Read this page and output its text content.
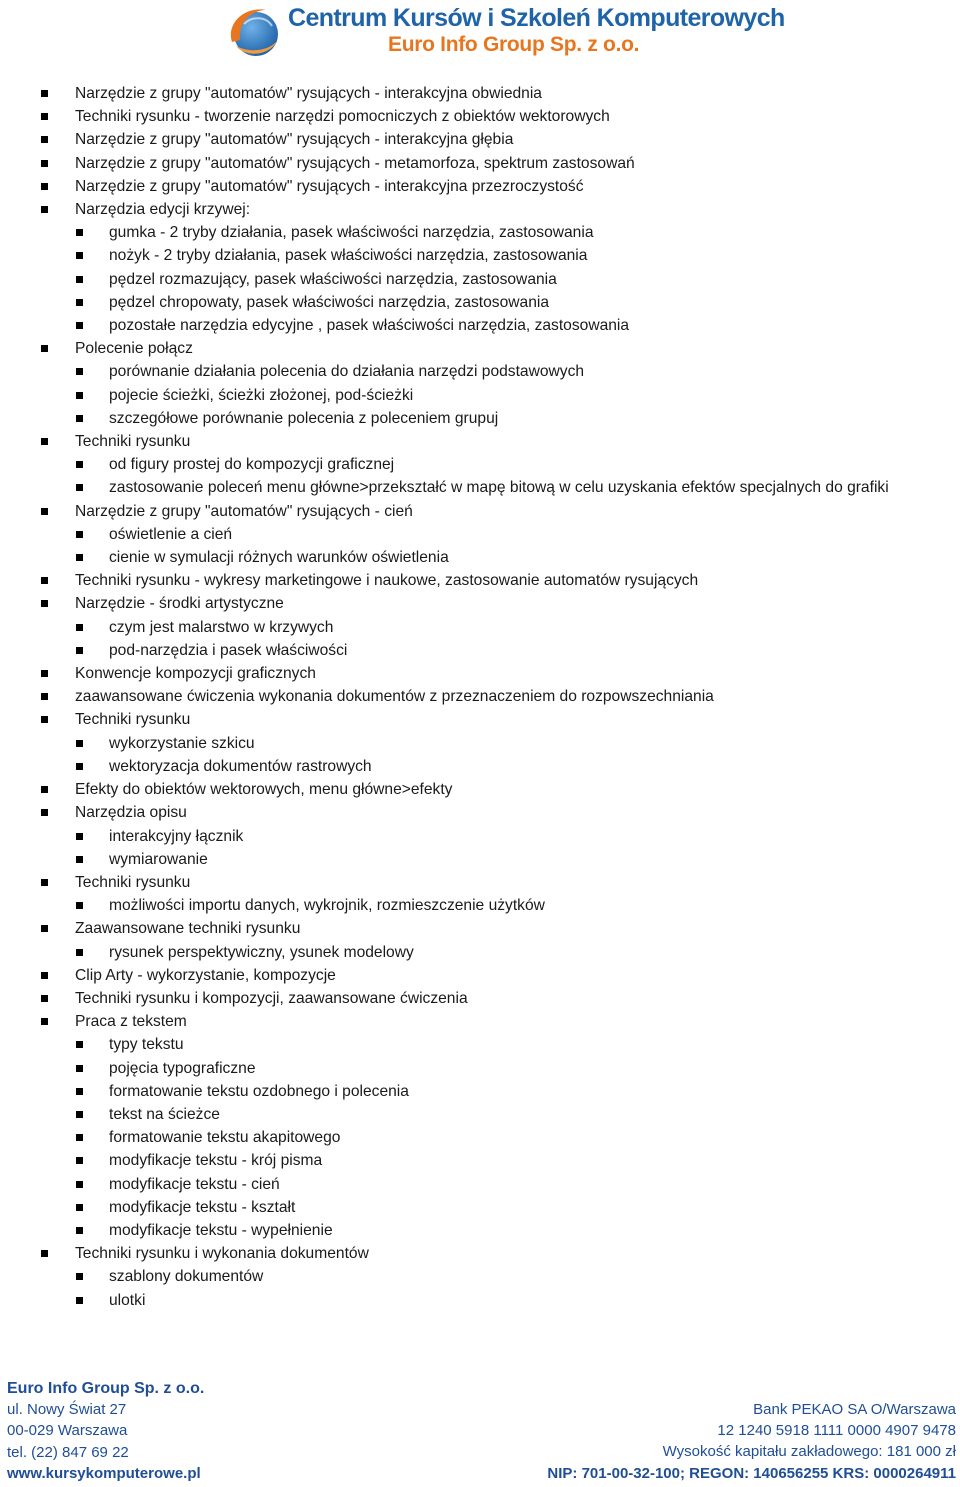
Centrum Kursów i Szkoleń Komputerowych
Euro Info Group Sp. z o.o.
Narzędzie z grupy "automatów" rysujących - interakcyjna obwiednia
Techniki rysunku - tworzenie narzędzi pomocniczych z obiektów wektorowych
Narzędzie z grupy "automatów" rysujących - interakcyjna głębia
Narzędzie z grupy "automatów" rysujących - metamorfoza, spektrum zastosowań
Narzędzie z grupy "automatów" rysujących - interakcyjna przezroczystość
Narzędzia edycji krzywej:
gumka - 2 tryby działania, pasek właściwości narzędzia, zastosowania
nożyk - 2 tryby działania, pasek właściwości narzędzia, zastosowania
pędzel rozmazujący, pasek właściwości narzędzia, zastosowania
pędzel chropowaty, pasek właściwości narzędzia, zastosowania
pozostałe narzędzia edycyjne , pasek właściwości narzędzia, zastosowania
Polecenie połącz
porównanie działania polecenia do działania narzędzi podstawowych
pojecie ścieżki, ścieżki złożonej, pod-ścieżki
szczegółowe porównanie polecenia z poleceniem grupuj
Techniki rysunku
od figury prostej do kompozycji graficznej
zastosowanie poleceń menu główne>przekształć w mapę bitową w celu uzyskania efektów specjalnych do grafiki
Narzędzie z grupy "automatów" rysujących - cień
oświetlenie a cień
cienie w symulacji różnych warunków oświetlenia
Techniki rysunku - wykresy marketingowe i naukowe, zastosowanie automatów rysujących
Narzędzie - środki artystyczne
czym jest malarstwo w krzywych
pod-narzędzia i pasek właściwości
Konwencje kompozycji graficznych
zaawansowane ćwiczenia wykonania dokumentów z przeznaczeniem do rozpowszechniania
Techniki rysunku
wykorzystanie szkicu
wektoryzacja dokumentów rastrowych
Efekty do obiektów wektorowych, menu główne>efekty
Narzędzia opisu
interakcyjny łącznik
wymiarowanie
Techniki rysunku
możliwości importu danych, wykrojnik, rozmieszczenie użytków
Zaawansowane techniki rysunku
rysunek perspektywiczny, ysunek modelowy
Clip Arty - wykorzystanie, kompozycje
Techniki rysunku i kompozycji, zaawansowane ćwiczenia
Praca z tekstem
typy tekstu
pojęcia typograficzne
formatowanie tekstu ozdobnego i polecenia
tekst na ścieżce
formatowanie tekstu akapitowego
modyfikacje tekstu - krój pisma
modyfikacje tekstu - cień
modyfikacje tekstu - kształt
modyfikacje tekstu - wypełnienie
Techniki rysunku i wykonania dokumentów
szablony dokumentów
ulotki
Euro Info Group Sp. z o.o.
ul. Nowy Świat 27
00-029 Warszawa
tel. (22) 847 69 22
www.kursykomputerowe.pl
Bank PEKAO SA O/Warszawa
12 1240 5918 1111 0000 4907 9478
Wysokość kapitału zakładowego: 181 000 zł
NIP: 701-00-32-100; REGON: 140656255 KRS: 0000264911
